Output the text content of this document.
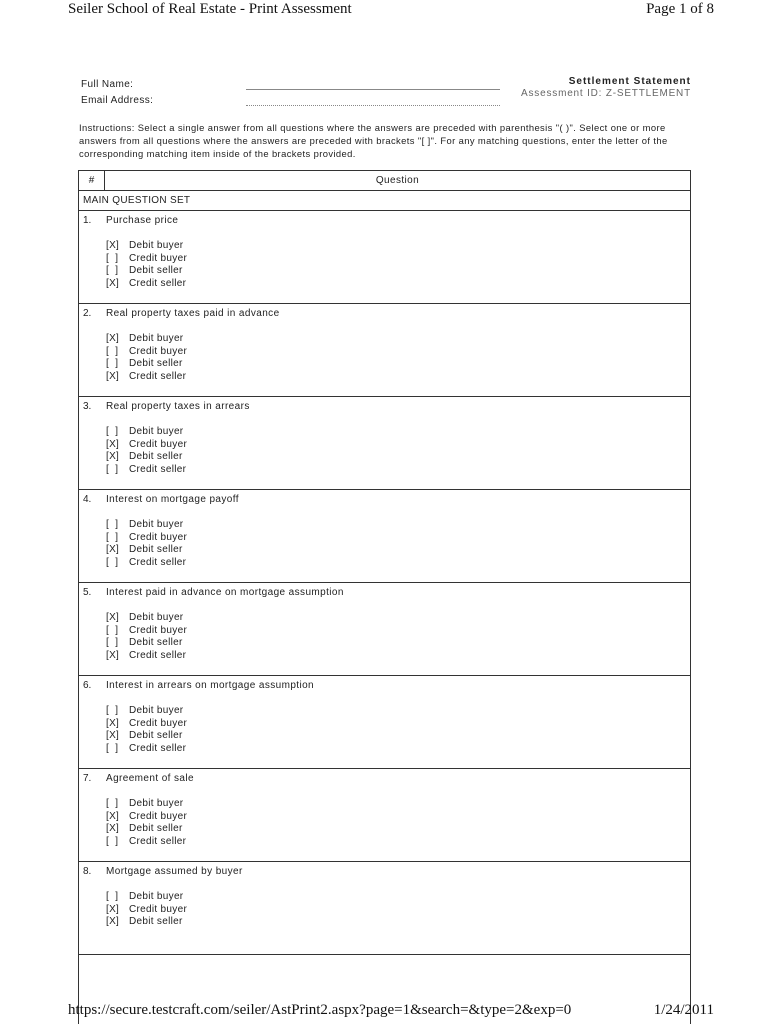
Seiler School of Real Estate - Print Assessment	Page 1 of 8
Full Name:
Email Address:
Settlement Statement
Assessment ID: Z-SETTLEMENT
Instructions: Select a single answer from all questions where the answers are preceded with parenthesis "( )". Select one or more answers from all questions where the answers are preceded with brackets "[ ]". For any matching questions, enter the letter of the corresponding matching item inside of the brackets provided.
#	Question
MAIN QUESTION SET
1. Purchase price
[X] Debit buyer
[  ]	Credit buyer
[  ]	Debit seller
[X] Credit seller
2. Real property taxes paid in advance
[X] Debit buyer
[  ]	Credit buyer
[  ]	Debit seller
[X] Credit seller
3. Real property taxes in arrears
[  ]	Debit buyer
[X] Credit buyer
[X] Debit seller
[  ]	Credit seller
4. Interest on mortgage payoff
[  ]	Debit buyer
[  ]	Credit buyer
[X] Debit seller
[  ]	Credit seller
5. Interest paid in advance on mortgage assumption
[X] Debit buyer
[  ]	Credit buyer
[  ]	Debit seller
[X] Credit seller
6. Interest in arrears on mortgage assumption
[  ]	Debit buyer
[X] Credit buyer
[X] Debit seller
[  ]	Credit seller
7. Agreement of sale
[  ]	Debit buyer
[X] Credit buyer
[X] Debit seller
[  ]	Credit seller
8. Mortgage assumed by buyer
[  ]	Debit buyer
[X] Credit buyer
[X] Debit seller
https://secure.testcraft.com/seiler/AstPrint2.aspx?page=1&search=&type=2&exp=0	1/24/2011
